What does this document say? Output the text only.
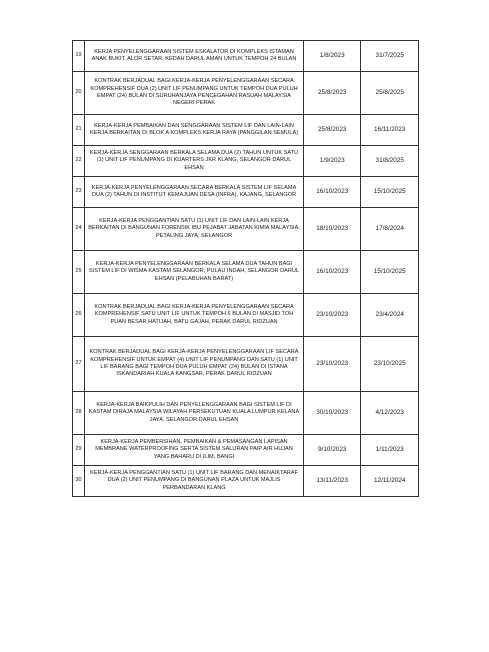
19	KERJA PENYELENGGARAAN SISTEM ESKALATOR DI KOMPLEKS ISTAMAN ANAK BUKIT, ALOR SETAR, KEDAH DARUL AMAN UNTUK TEMPOH 24 BULAN	1/8/2023	31/7/2025
20	KONTRAK BERJADUAL BAGI KERJA-KERJA PENYELENGGARAAN SECARA KOMPREHENSIF DUA (2) UNIT LIF PENUMPANG UNTUK TEMPOH DUA PULUH EMPAT (24) BULAN DI SURUHANJAYA PENCEGAHAN RASUAH MALAYSIA NEGERI PERAK	25/8/2023	25/8/2025
21	KERJA-KERJA PEMBAIKAN DAN SENGGARAAN SISTEM LIF DAN LAIN-LAIN KERJA BERKAITAN DI BLOK A KOMPLEKS KERJA RAYA (PANGGILAN SEMULA)	25/8/2023	16/11/2023
22	KERJA-KERJA SENGGARAAN BERKALA SELAMA DUA (2) TAHUN UNTUK SATU (1) UNIT LIF PENUMPANG DI KUARTERS JKR KLANG, SELANGOR DARUL EHSAN	1/9/2023	31/8/2025
23	KERJA-KERJA PENYELENGGARAAN SECARA BERKALA SISTEM LIF SELAMA DUA (2) TAHUN DI INSTITUT KEMAJUAN DESA (INFRA), KAJANG, SELANGOR	16/10/2023	15/10/2025
24	KERJA-KERJA PENGGANTIAN SATU (1) UNIT LIF DAN LAIN-LAIN KERJA BERKAITAN DI BANGUNAN FORENSIK IBU PEJABAT JABATAN KIMIA MALAYSIA, PETALING JAYA, SELANGOR	18/10/2023	17/8/2024
25	KERJA-KERJA PENYELENGGARAAN BERKALA SELAMA DUA TAHUN BAGI SISTEM LIF DI WISMA KASTAM SELANGOR, PULAU INDAH, SELANGOR DARUL EHSAN (PELABUHAN BARAT)	16/10/2023	15/10/2025
26	KONTRAK BERJADUAL BAGI KERJA-KERJA PENYELENGGARAAN SECARA KOMPREHENSIF SATU UNIT LIF UNTUK TEMPOH 6 BULAN DI MASJID TOH PUAN BESAR HATIJAH, BATU GAJAH, PERAK DARUL RIDZUAN	23/10/2023	23/4/2024
27	KONTRAK BERJADUAL BAGI KERJA-KERJA PENYELENGGARAAN LIF SECARA KOMPREHENSIF UNTUK EMPAT (4) UNIT LIF PENUMPANG DAN SATU (1) UNIT LIF BARANG BAGI TEMPOH DUA PULUH EMPAT (24) BULAN DI ISTANA ISKANDARIAH KUALA KANGSAR, PERAK DARUL RIDZUAN	23/10/2023	23/10/2025
28	KERJA-KERJA BAIKPULIH DAN PENYELENGGARAAN BAGI SISTEM LIF DI KASTAM DIRAJA MALAYSIA WILAYAH PERSEKUTUAN KUALA LUMPUR KELANA JAYA, SELANGOR DARUL EHSAN	30/10/2023	4/12/2023
29	KERJA-KERJA PEMBERSIHAN, PEMBAIKAN & PEMASANGAN LAPISAN MEMBRANE WATERPROOFING SERTA SISTEM SALURAN PAIP AIR HUJAN YANG BAHARU DI ILIM, BANGI	9/10/2023	1/11/2023
30	KERJA-KERJA PENGGANTIAN SATU (1) UNIT LIF BARANG DAN MENAIKTARAF DUA (2) UNIT PENUMPANG DI BANGUNAN PLAZA UNTUK MAJLIS PERBANDARAN KLANG	13/11/2023	12/11/2024
